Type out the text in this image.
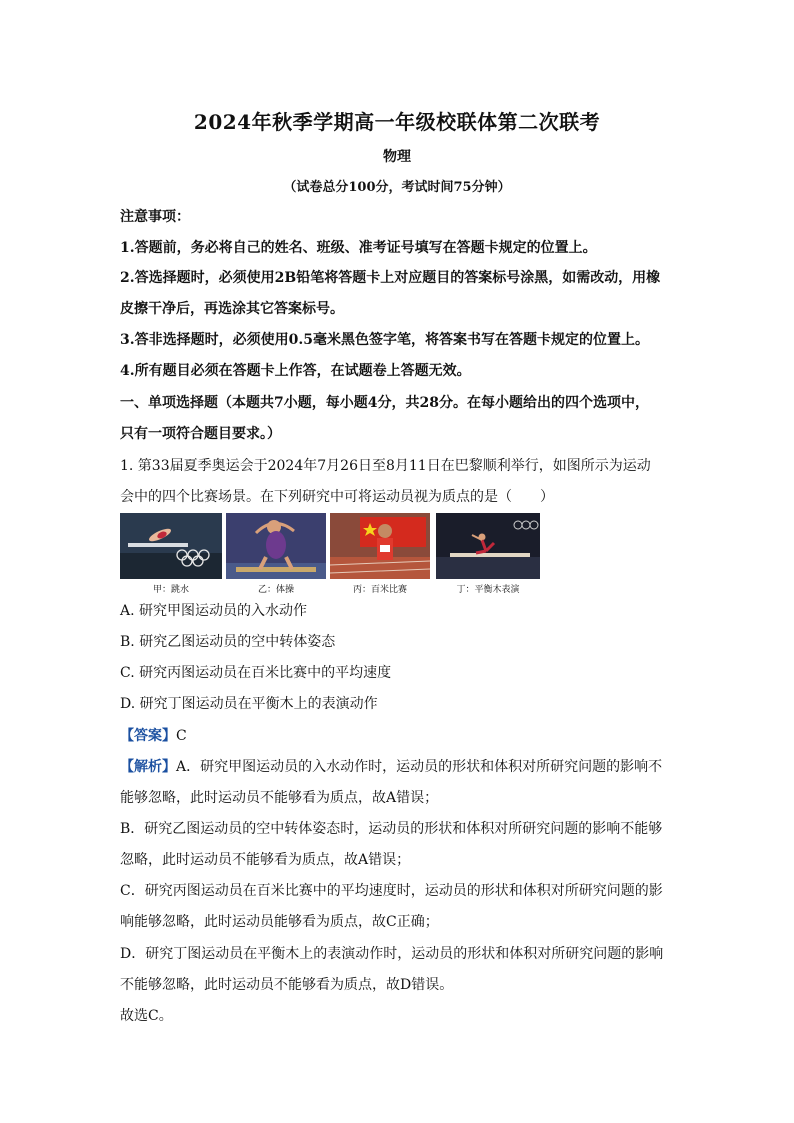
2024年秋季学期高一年级校联体第二次联考
物理
（试卷总分100分，考试时间75分钟）
注意事项：
1.答题前，务必将自己的姓名、班级、准考证号填写在答题卡规定的位置上。
2.答选择题时，必须使用2B铅笔将答题卡上对应题目的答案标号涂黑，如需改动，用橡
皮擦干净后，再选涂其它答案标号。
3.答非选择题时，必须使用0.5毫米黑色签字笔，将答案书写在答题卡规定的位置上。
4.所有题目必须在答题卡上作答，在试题卷上答题无效。
一、单项选择题（本题共7小题，每小题4分，共28分。在每小题给出的四个选项中，
只有一项符合题目要求。）
1. 第33届夏季奥运会于2024年7月26日至8月11日在巴黎顺利举行，如图所示为运动
会中的四个比赛场景。在下列研究中可将运动员视为质点的是（　　）
甲：跳水	乙：体操	丙：百米比赛	丁：平衡木表演
A. 研究甲图运动员的入水动作
B. 研究乙图运动员的空中转体姿态
C. 研究丙图运动员在百米比赛中的平均速度
D. 研究丁图运动员在平衡木上的表演动作
【答案】C
【解析】A．研究甲图运动员的入水动作时，运动员的形状和体积对所研究问题的影响不
能够忽略，此时运动员不能够看为质点，故A错误；
B．研究乙图运动员的空中转体姿态时，运动员的形状和体积对所研究问题的影响不能够
忽略，此时运动员不能够看为质点，故A错误；
C．研究丙图运动员在百米比赛中的平均速度时，运动员的形状和体积对所研究问题的影
响能够忽略，此时运动员能够看为质点，故C正确；
D．研究丁图运动员在平衡木上的表演动作时，运动员的形状和体积对所研究问题的影响
不能够忽略，此时运动员不能够看为质点，故D错误。
故选C。
